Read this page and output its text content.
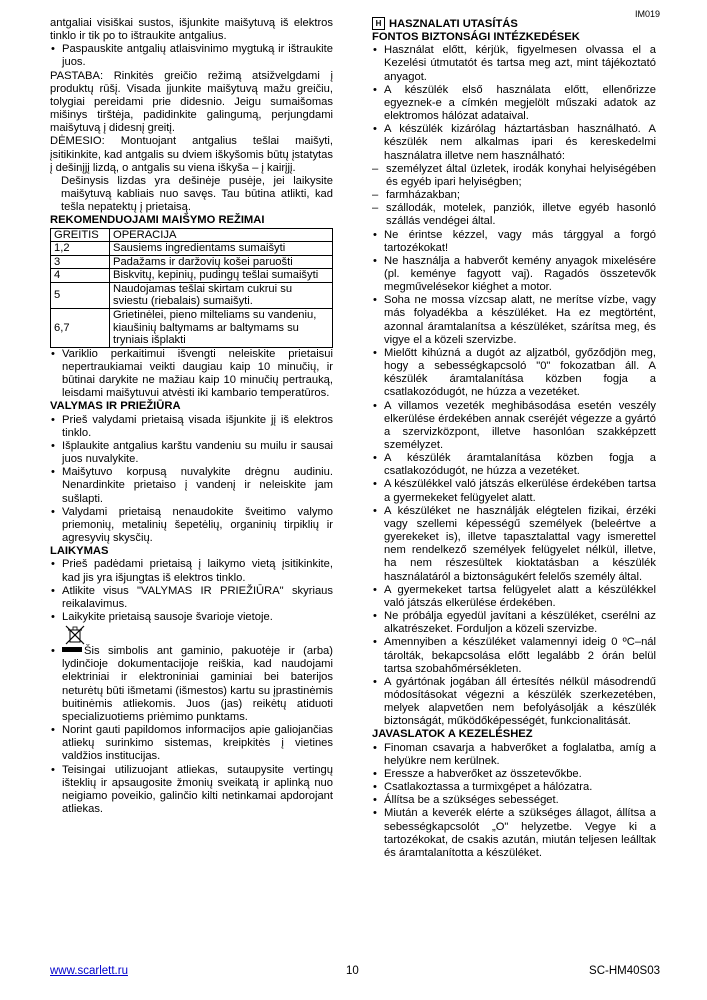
IM019

antgaliai visiškai sustos, išjunkite maišytuvą iš elektros tinklo ir tik po to ištraukite antgalius.

• Paspauskite antgalių atlaisvinimo mygtuką ir ištraukite juos.

PASTABA: Rinkitės greičio režimą atsižvelgdami į produktų rūšį. Visada įjunkite maišytuvą mažu greičiu, tolygiai pereidami prie didesnio. Jeigu sumaišomas mišinys tirštėja, padidinkite galingumą, perjungdami maišytuvą į didesnį greitį.

DĖMESIO: Montuojant antgalius tešlai maišyti, įsitikinkite, kad antgalis su dviem iškyšomis būtų įstatytas į dešinįjį lizdą, o antgalis su viena iškyša – į kairįjį.

Dešinysis lizdas yra dešinėje pusėje, jei laikysite maišytuvą kabliais nuo savęs. Tau būtina atlikti, kad tešla nepatektų į prietaisą.

REKOMENDUOJAMI MAIŠYMO REŽIMAI

GREITIS	OPERACIJA
1,2	Sausiems ingredientams sumaišyti
3	Padažams ir daržovių košei paruošti
4	Biskvitų, kepinių, pudingų tešlai sumaišyti
5	Naudojamas tešlai skirtam cukrui su sviestu (riebalais) sumaišyti.
6,7	Grietinėlei, pieno milteliams su vandeniu, kiaušinių baltymams ar baltymams su tryniais išplakti
• Variklio perkaitimui išvengti neleiskite prietaisui nepertraukiamai veikti daugiau kaip 10 minučių, ir būtinai darykite ne mažiau kaip 10 minučių pertrauką, leisdami maišytuvui atvėsti iki kambario temperatūros.

VALYMAS IR PRIEŽIŪRA

• Prieš valydami prietaisą visada išjunkite jį iš elektros tinklo.
• Išplaukite antgalius karštu vandeniu su muilu ir sausai juos nuvalykite.
• Maišytuvo korpusą nuvalykite drėgnu audiniu. Nenardinkite prietaiso į vandenį ir neleiskite jam sušlapti.
• Valydami prietaisą nenaudokite šveitimo valymo priemonių, metalinių šepetėlių, organinių tirpiklių ir agresyvių skysčių.

LAIKYMAS

• Prieš padėdami prietaisą į laikymo vietą įsitikinkite, kad jis yra išjungtas iš elektros tinklo.
• Atlikite visus "VALYMAS IR PRIEŽIŪRA" skyriaus reikalavimus.
• Laikykite prietaisą sausoje švarioje vietoje.
• Šis simbolis ant gaminio, pakuotėje ir (arba) lydinčioje dokumentacijoje reiškia, kad naudojami elektriniai ir elektroniniai gaminiai bei baterijos neturėtų būti išmetami (išmestos) kartu su įprastinėmis buitinėmis atliekomis. Juos (jas) reikėtų atiduoti specializuotiems priėmimo punktams.
• Norint gauti papildomos informacijos apie galiojančias atliekų surinkimo sistemas, kreipkitės į vietines valdžios institucijas.
• Teisingai utilizuojant atliekas, sutaupysite vertingų išteklių ir apsaugosite žmonių sveikatą ir aplinką nuo neigiamo poveikio, galinčio kilti netinkamai apdorojant atliekas.

H HASZNALATI UTASÍTÁS

FONTOS BIZTONSÁGI INTÉZKEDÉSEK

• Használat előtt, kérjük, figyelmesen olvassa el a Kezelési útmutatót és tartsa meg azt, mint tájékoztató anyagot.
• A készülék első használata előtt, ellenőrizze egyeznek-e a címkén megjelölt műszaki adatok az elektromos hálózat adataival.
• A készülék kizárólag háztartásban használható. A készülék nem alkalmas ipari és kereskedelmi használatra illetve nem használható:
– személyzet által üzletek, irodák konyhai helyiségében és egyéb ipari helyiségben;
– farmházakban;
– szállodák, motelek, panziók, illetve egyéb hasonló szállás vendégei által.
• Ne érintse kézzel, vagy más tárggyal a forgó tartozékokat!
• Ne használja a habverőt kemény anyagok mixelésére (pl. keménye fagyott vaj). Ragadós összetevők megművelésekor kiéghet a motor.
• Soha ne mossa vízcsap alatt, ne merítse vízbe, vagy más folyadékba a készüléket. Ha ez megtörtént, azonnal áramtalanítsa a készüléket, szárítsa meg, és vigye el a közeli szervizbe.
• Mielőtt kihúzná a dugót az aljzatból, győződjön meg, hogy a sebességkapcsoló "0" fokozatban áll. A készülék áramtalanítása közben fogja a csatlakozódugót, ne húzza a vezetéket.
• A villamos vezeték meghibásodása esetén veszély elkerülése érdekében annak cseréjét végezze a gyártó a szervizközpont, illetve hasonlóan szakképzett személyzet.
• A készülék áramtalanítása közben fogja a csatlakozódugót, ne húzza a vezetéket.
• A készülékkel való játszás elkerülése érdekében tartsa a gyermekeket felügyelet alatt.
• A készüléket ne használják elégtelen fizikai, érzéki vagy szellemi képességű személyek (beleértve a gyerekeket is), illetve tapasztalattal vagy ismerettel nem rendelkező személyek felügyelet nélkül, illetve, ha nem részesültek kioktatásban a készülék használatáról a biztonságukért felelős személy által.
• A gyermekeket tartsa felügyelet alatt a készülékkel való játszás elkerülése érdekében.
• Ne próbálja egyedül javítani a készüléket, cserélni az alkatrészeket. Forduljon a közeli szervizbe.
• Amennyiben a készüléket valamennyi ideig 0 ºC–nál tárolták, bekapcsolása előtt legalább 2 órán belül tartsa szobahőmérsékleten.
• A gyártónak jogában áll értesítés nélkül másodrendű módosításokat végezni a készülék szerkezetében, melyek alapvetően nem befolyásolják a készülék biztonságát, működőképességét, funkcionalitását.

JAVASLATOK A KEZELÉSHEZ

• Finoman csavarja a habverőket a foglalatba, amíg a helyükre nem kerülnek.
• Eressze a habverőket az összetevőkbe.
• Csatlakoztassa a turmixgépet a hálózatra.
• Állítsa be a szükséges sebességet.
• Miután a keverék elérte a szükséges állagot, állítsa a sebességkapcsolót „O" helyzetbe. Vegye ki a tartozékokat, de csakis azután, miután teljesen leálltak és áramtalanította a készüléket.
www.scarlett.ru	10	SC-HM40S03
